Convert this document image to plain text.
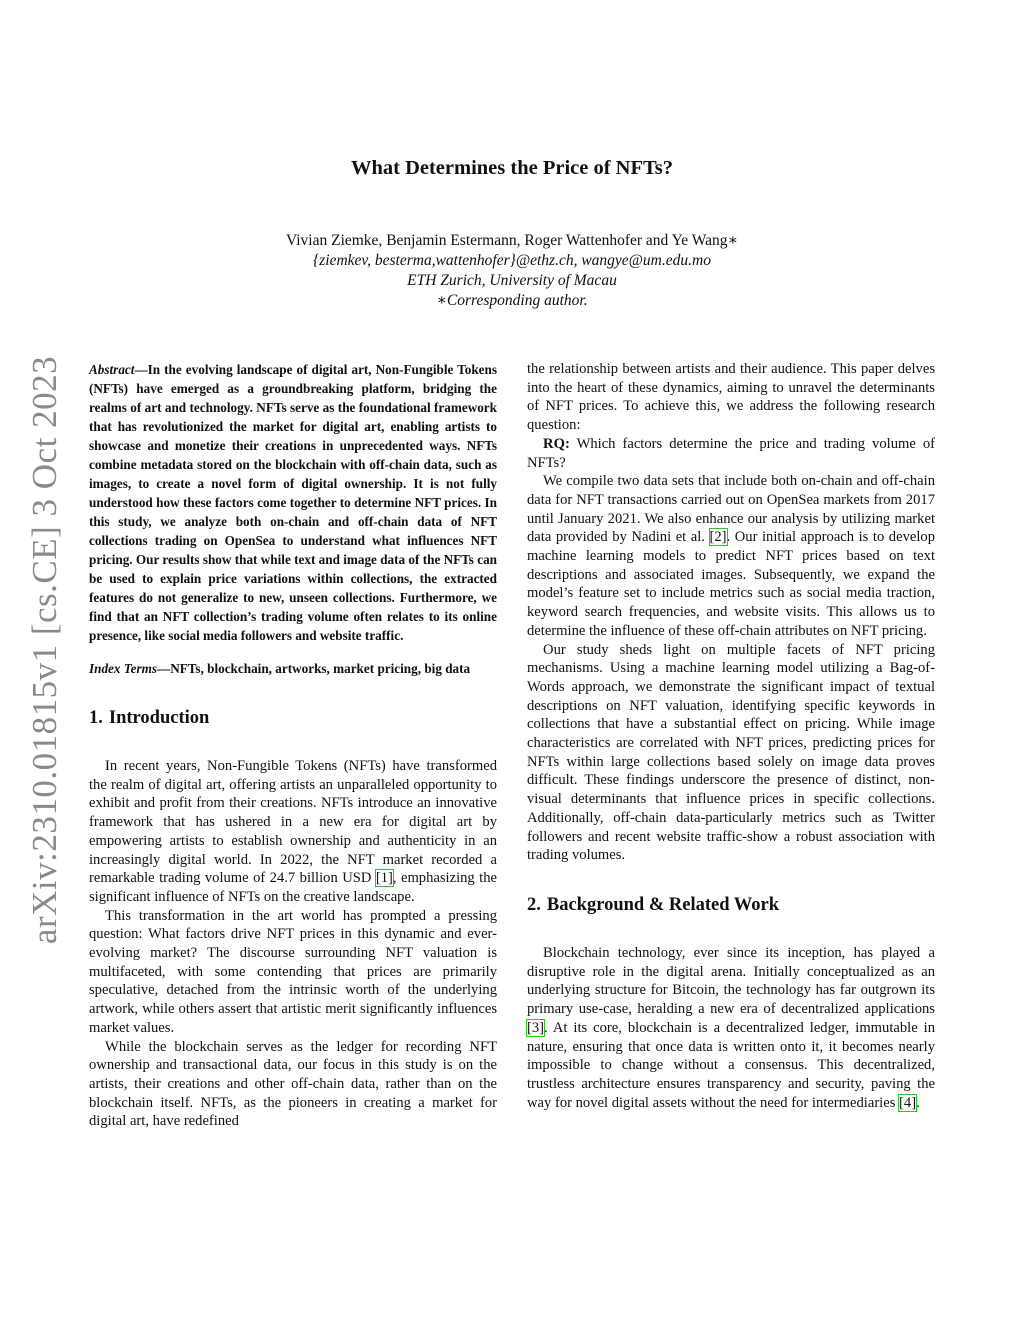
arXiv:2310.01815v1 [cs.CE] 3 Oct 2023
What Determines the Price of NFTs?
Vivian Ziemke, Benjamin Estermann, Roger Wattenhofer and Ye Wang∗
{ziemkev, besterma,wattenhofer}@ethz.ch, wangye@um.edu.mo
ETH Zurich, University of Macau
∗Corresponding author.

Abstract—In the evolving landscape of digital art, Non-Fungible Tokens (NFTs) have emerged as a groundbreaking platform, bridging the realms of art and technology. NFTs serve as the foundational framework that has revolutionized the market for digital art, enabling artists to showcase and monetize their creations in unprecedented ways. NFTs combine metadata stored on the blockchain with off-chain data, such as images, to create a novel form of digital ownership. It is not fully understood how these factors come together to determine NFT prices. In this study, we analyze both on-chain and off-chain data of NFT collections trading on OpenSea to understand what influences NFT pricing. Our results show that while text and image data of the NFTs can be used to explain price variations within collections, the extracted features do not generalize to new, unseen collections. Furthermore, we find that an NFT collection’s trading volume often relates to its online presence, like social media followers and website traffic.

Index Terms—NFTs, blockchain, artworks, market pricing, big data

1. Introduction

In recent years, Non-Fungible Tokens (NFTs) have transformed the realm of digital art, offering artists an unparalleled opportunity to exhibit and profit from their creations. NFTs introduce an innovative framework that has ushered in a new era for digital art by empowering artists to establish ownership and authenticity in an increasingly digital world. In 2022, the NFT market recorded a remarkable trading volume of 24.7 billion USD [1], emphasizing the significant influence of NFTs on the creative landscape.

This transformation in the art world has prompted a pressing question: What factors drive NFT prices in this dynamic and ever-evolving market? The discourse surrounding NFT valuation is multifaceted, with some contending that prices are primarily speculative, detached from the intrinsic worth of the underlying artwork, while others assert that artistic merit significantly influences market values.

While the blockchain serves as the ledger for recording NFT ownership and transactional data, our focus in this study is on the artists, their creations and other off-chain data, rather than on the blockchain itself. NFTs, as the pioneers in creating a market for digital art, have redefined

the relationship between artists and their audience. This paper delves into the heart of these dynamics, aiming to unravel the determinants of NFT prices. To achieve this, we address the following research question:

RQ: Which factors determine the price and trading volume of NFTs?

We compile two data sets that include both on-chain and off-chain data for NFT transactions carried out on OpenSea markets from 2017 until January 2021. We also enhance our analysis by utilizing market data provided by Nadini et al. [2]. Our initial approach is to develop machine learning models to predict NFT prices based on text descriptions and associated images. Subsequently, we expand the model’s feature set to include metrics such as social media traction, keyword search frequencies, and website visits. This allows us to determine the influence of these off-chain attributes on NFT pricing.

Our study sheds light on multiple facets of NFT pricing mechanisms. Using a machine learning model utilizing a Bag-of-Words approach, we demonstrate the significant impact of textual descriptions on NFT valuation, identifying specific keywords in collections that have a substantial effect on pricing. While image characteristics are correlated with NFT prices, predicting prices for NFTs within large collections based solely on image data proves difficult. These findings underscore the presence of distinct, non-visual determinants that influence prices in specific collections. Additionally, off-chain data-particularly metrics such as Twitter followers and recent website traffic-show a robust association with trading volumes.

2. Background & Related Work

Blockchain technology, ever since its inception, has played a disruptive role in the digital arena. Initially conceptualized as an underlying structure for Bitcoin, the technology has far outgrown its primary use-case, heralding a new era of decentralized applications [3]. At its core, blockchain is a decentralized ledger, immutable in nature, ensuring that once data is written onto it, it becomes nearly impossible to change without a consensus. This decentralized, trustless architecture ensures transparency and security, paving the way for novel digital assets without the need for intermediaries [4].
